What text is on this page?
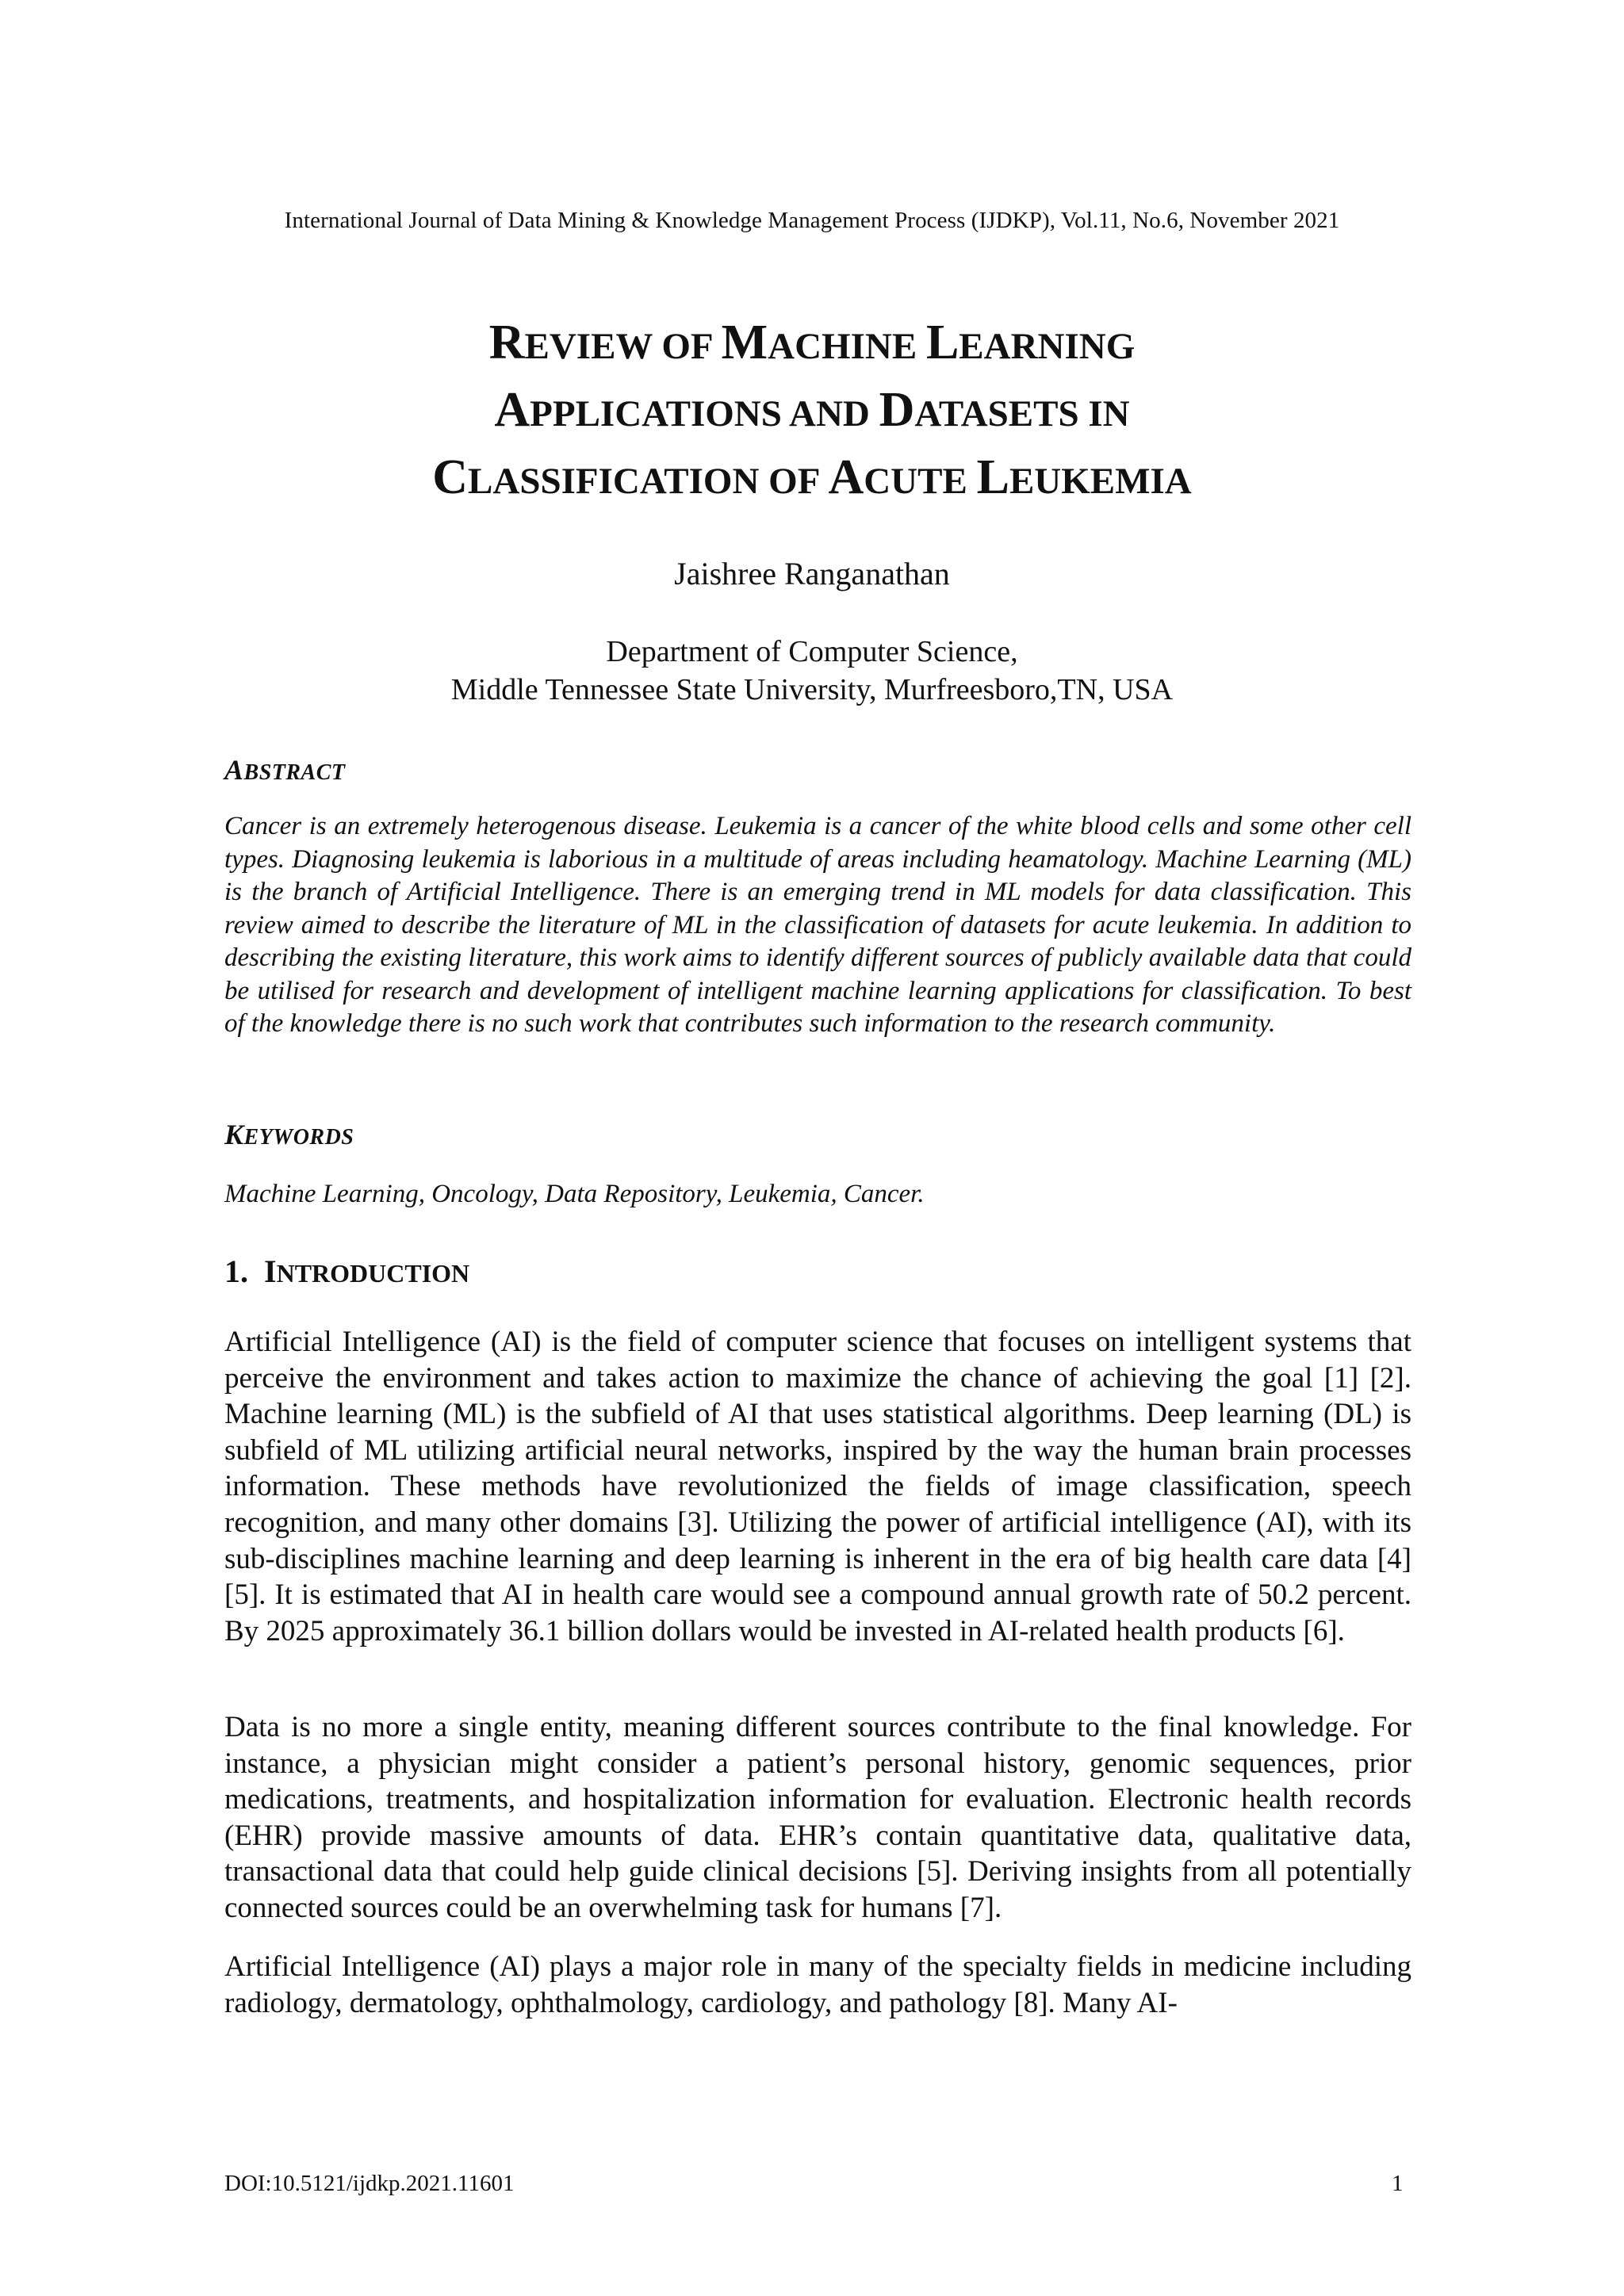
International Journal of Data Mining & Knowledge Management Process (IJDKP), Vol.11, No.6, November 2021
REVIEW OF MACHINE LEARNING
APPLICATIONS AND DATASETS IN
CLASSIFICATION OF ACUTE LEUKEMIA
Jaishree Ranganathan
Department of Computer Science,
Middle Tennessee State University, Murfreesboro,TN, USA
ABSTRACT
Cancer is an extremely heterogenous disease. Leukemia is a cancer of the white blood cells and some other cell types. Diagnosing leukemia is laborious in a multitude of areas including heamatology. Machine Learning (ML) is the branch of Artificial Intelligence. There is an emerging trend in ML models for data classification. This review aimed to describe the literature of ML in the classification of datasets for acute leukemia. In addition to describing the existing literature, this work aims to identify different sources of publicly available data that could be utilised for research and development of intelligent machine learning applications for classification. To best of the knowledge there is no such work that contributes such information to the research community.
KEYWORDS
Machine Learning, Oncology, Data Repository, Leukemia, Cancer.
1. INTRODUCTION
Artificial Intelligence (AI) is the field of computer science that focuses on intelligent systems that perceive the environment and takes action to maximize the chance of achieving the goal [1] [2]. Machine learning (ML) is the subfield of AI that uses statistical algorithms. Deep learning (DL) is subfield of ML utilizing artificial neural networks, inspired by the way the human brain processes information. These methods have revolutionized the fields of image classification, speech recognition, and many other domains [3]. Utilizing the power of artificial intelligence (AI), with its sub-disciplines machine learning and deep learning is inherent in the era of big health care data [4][5]. It is estimated that AI in health care would see a compound annual growth rate of 50.2 percent. By 2025 approximately 36.1 billion dollars would be invested in AI-related health products [6].
Data is no more a single entity, meaning different sources contribute to the final knowledge. For instance, a physician might consider a patient’s personal history, genomic sequences, prior medications, treatments, and hospitalization information for evaluation. Electronic health records (EHR) provide massive amounts of data. EHR’s contain quantitative data, qualitative data, transactional data that could help guide clinical decisions [5]. Deriving insights from all potentially connected sources could be an overwhelming task for humans [7].
Artificial Intelligence (AI) plays a major role in many of the specialty fields in medicine including radiology, dermatology, ophthalmology, cardiology, and pathology [8]. Many AI-
DOI:10.5121/ijdkp.2021.11601	1
